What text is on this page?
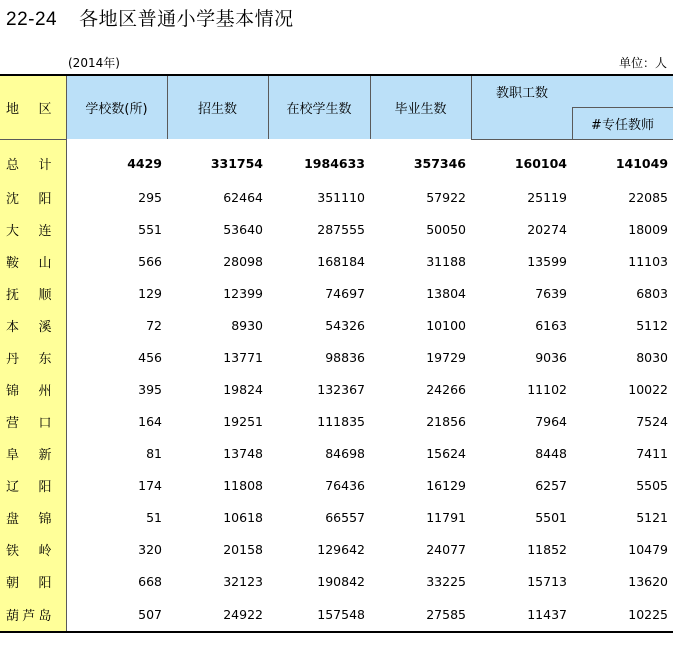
22-24 各地区普通小学基本情况
(2014年)	单位：人
地区	学校数(所)	招生数	在校学生数	毕业生数	教职工数	
						#专任教师
总计	4429	331754	1984633	357346	160104	141049
沈阳	295	62464	351110	57922	25119	22085
大连	551	53640	287555	50050	20274	18009
鞍山	566	28098	168184	31188	13599	11103
抚顺	129	12399	74697	13804	7639	6803
本溪	72	8930	54326	10100	6163	5112
丹东	456	13771	98836	19729	9036	8030
锦州	395	19824	132367	24266	11102	10022
营口	164	19251	111835	21856	7964	7524
阜新	81	13748	84698	15624	8448	7411
辽阳	174	11808	76436	16129	6257	5505
盘锦	51	10618	66557	11791	5501	5121
铁岭	320	20158	129642	24077	11852	10479
朝阳	668	32123	190842	33225	15713	13620
葫芦岛	507	24922	157548	27585	11437	10225
